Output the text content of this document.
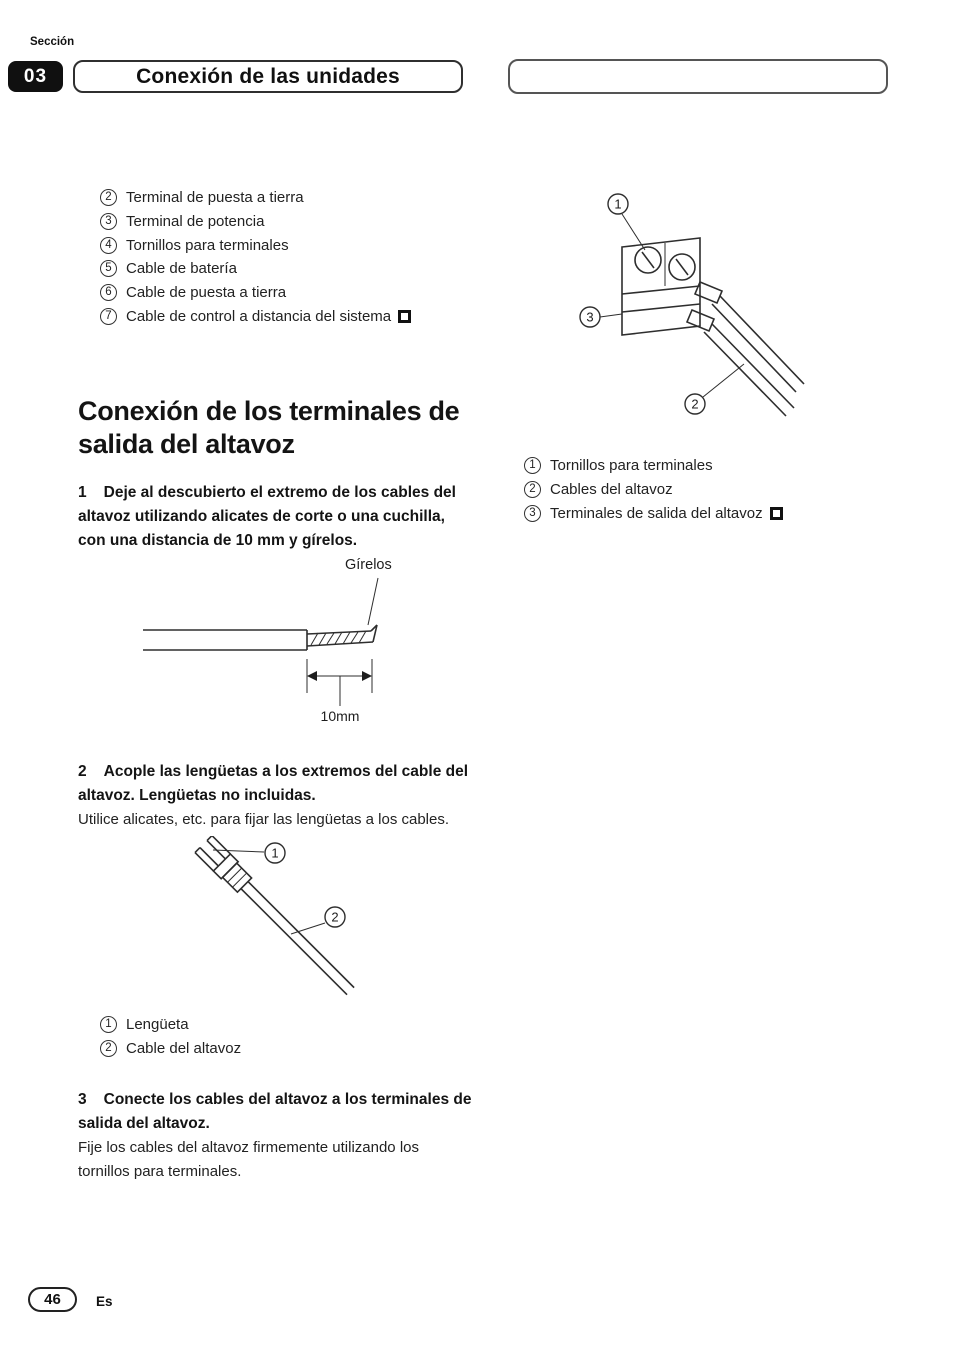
Sección
03	Conexión de las unidades
2 Terminal de puesta a tierra
3 Terminal de potencia
4 Tornillos para terminales
5 Cable de batería
6 Cable de puesta a tierra
7 Cable de control a distancia del sistema
Conexión de los terminales de salida del altavoz

1 Deje al descubierto el extremo de los cables del altavoz utilizando alicates de corte o una cuchilla, con una distancia de 10 mm y gírelos.

Gírelos
10mm

2 Acople las lengüetas a los extremos del cable del altavoz. Lengüetas no incluidas.

Utilice alicates, etc. para fijar las lengüetas a los cables.

1
2
1 Lengüeta
2 Cable del altavoz

3 Conecte los cables del altavoz a los terminales de salida del altavoz.

Fije los cables del altavoz firmemente utilizando los tornillos para terminales.

1
3
2
1 Tornillos para terminales
2 Cables del altavoz
3 Terminales de salida del altavoz
46	Es
